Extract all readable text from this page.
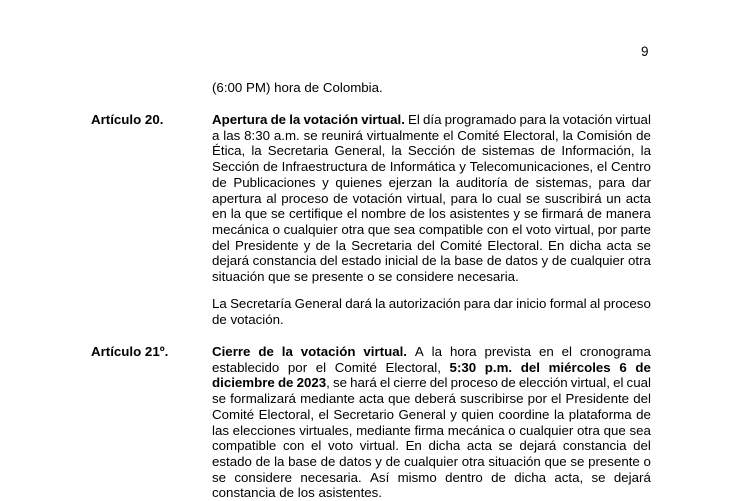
9
(6:00 PM) hora de Colombia.
Artículo 20.	Apertura de la votación virtual. El día programado para la votación virtual
a las 8:30 a.m. se reunirá virtualmente el Comité Electoral, la Comisión de
Ética, la Secretaria General, la Sección de sistemas de Información, la
Sección de Infraestructura de Informática y Telecomunicaciones, el Centro
de Publicaciones y quienes ejerzan la auditoría de sistemas, para dar
apertura al proceso de votación virtual, para lo cual se suscribirá un acta
en la que se certifique el nombre de los asistentes y se firmará de manera
mecánica o cualquier otra que sea compatible con el voto virtual, por parte
del Presidente y de la Secretaria del Comité Electoral. En dicha acta se
dejará constancia del estado inicial de la base de datos y de cualquier otra
situación que se presente o se considere necesaria.
La Secretaría General dará la autorización para dar inicio formal al proceso
de votación.
Artículo 21º.	Cierre de la votación virtual. A la hora prevista en el cronograma
establecido por el Comité Electoral, 5:30 p.m. del miércoles 6 de
diciembre de 2023, se hará el cierre del proceso de elección virtual, el cual
se formalizará mediante acta que deberá suscribirse por el Presidente del
Comité Electoral, el Secretario General y quien coordine la plataforma de
las elecciones virtuales, mediante firma mecánica o cualquier otra que sea
compatible con el voto virtual. En dicha acta se dejará constancia del
estado de la base de datos y de cualquier otra situación que se presente o
se considere necesaria. Así mismo dentro de dicha acta, se dejará
constancia de los asistentes.
